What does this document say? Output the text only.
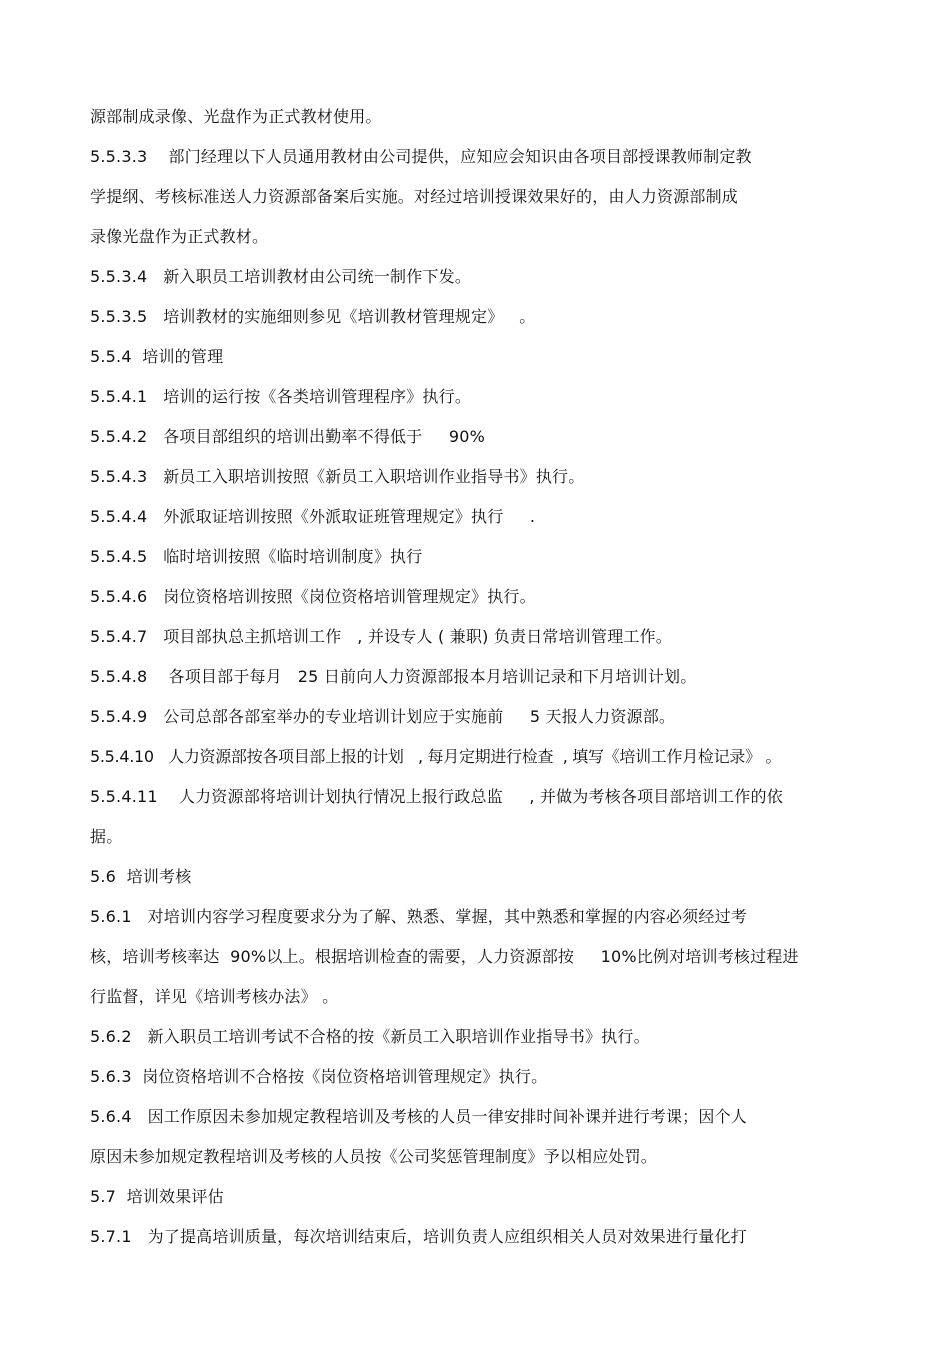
源部制成录像、光盘作为正式教材使用。
5.5.3.3    部门经理以下人员通用教材由公司提供，应知应会知识由各项目部授课教师制定教
学提纲、考核标准送人力资源部备案后实施。对经过培训授课效果好的，由人力资源部制成
录像光盘作为正式教材。
5.5.3.4   新入职员工培训教材由公司统一制作下发。
5.5.3.5   培训教材的实施细则参见《培训教材管理规定》   。
5.5.4  培训的管理
5.5.4.1   培训的运行按《各类培训管理程序》执行。
5.5.4.2   各项目部组织的培训出勤率不得低于     90%
5.5.4.3   新员工入职培训按照《新员工入职培训作业指导书》执行。
5.5.4.4   外派取证培训按照《外派取证班管理规定》执行     .
5.5.4.5   临时培训按照《临时培训制度》执行
5.5.4.6   岗位资格培训按照《岗位资格培训管理规定》执行。
5.5.4.7   项目部执总主抓培训工作   , 并设专人 ( 兼职) 负责日常培训管理工作。
5.5.4.8    各项目部于每月   25 日前向人力资源部报本月培训记录和下月培训计划。
5.5.4.9   公司总部各部室举办的专业培训计划应于实施前     5 天报人力资源部。
5.5.4.10   人力资源部按各项目部上报的计划   , 每月定期进行检查  , 填写《培训工作月检记录》 。
5.5.4.11    人力资源部将培训计划执行情况上报行政总监     , 并做为考核各项目部培训工作的依
据。
5.6  培训考核
5.6.1   对培训内容学习程度要求分为了解、熟悉、掌握，其中熟悉和掌握的内容必须经过考
核，培训考核率达  90%以上。根据培训检查的需要，人力资源部按     10%比例对培训考核过程进
行监督，详见《培训考核办法》 。
5.6.2   新入职员工培训考试不合格的按《新员工入职培训作业指导书》执行。
5.6.3  岗位资格培训不合格按《岗位资格培训管理规定》执行。
5.6.4   因工作原因未参加规定教程培训及考核的人员一律安排时间补课并进行考课；因个人
原因未参加规定教程培训及考核的人员按《公司奖惩管理制度》予以相应处罚。
5.7  培训效果评估
5.7.1   为了提高培训质量，每次培训结束后，培训负责人应组织相关人员对效果进行量化打
